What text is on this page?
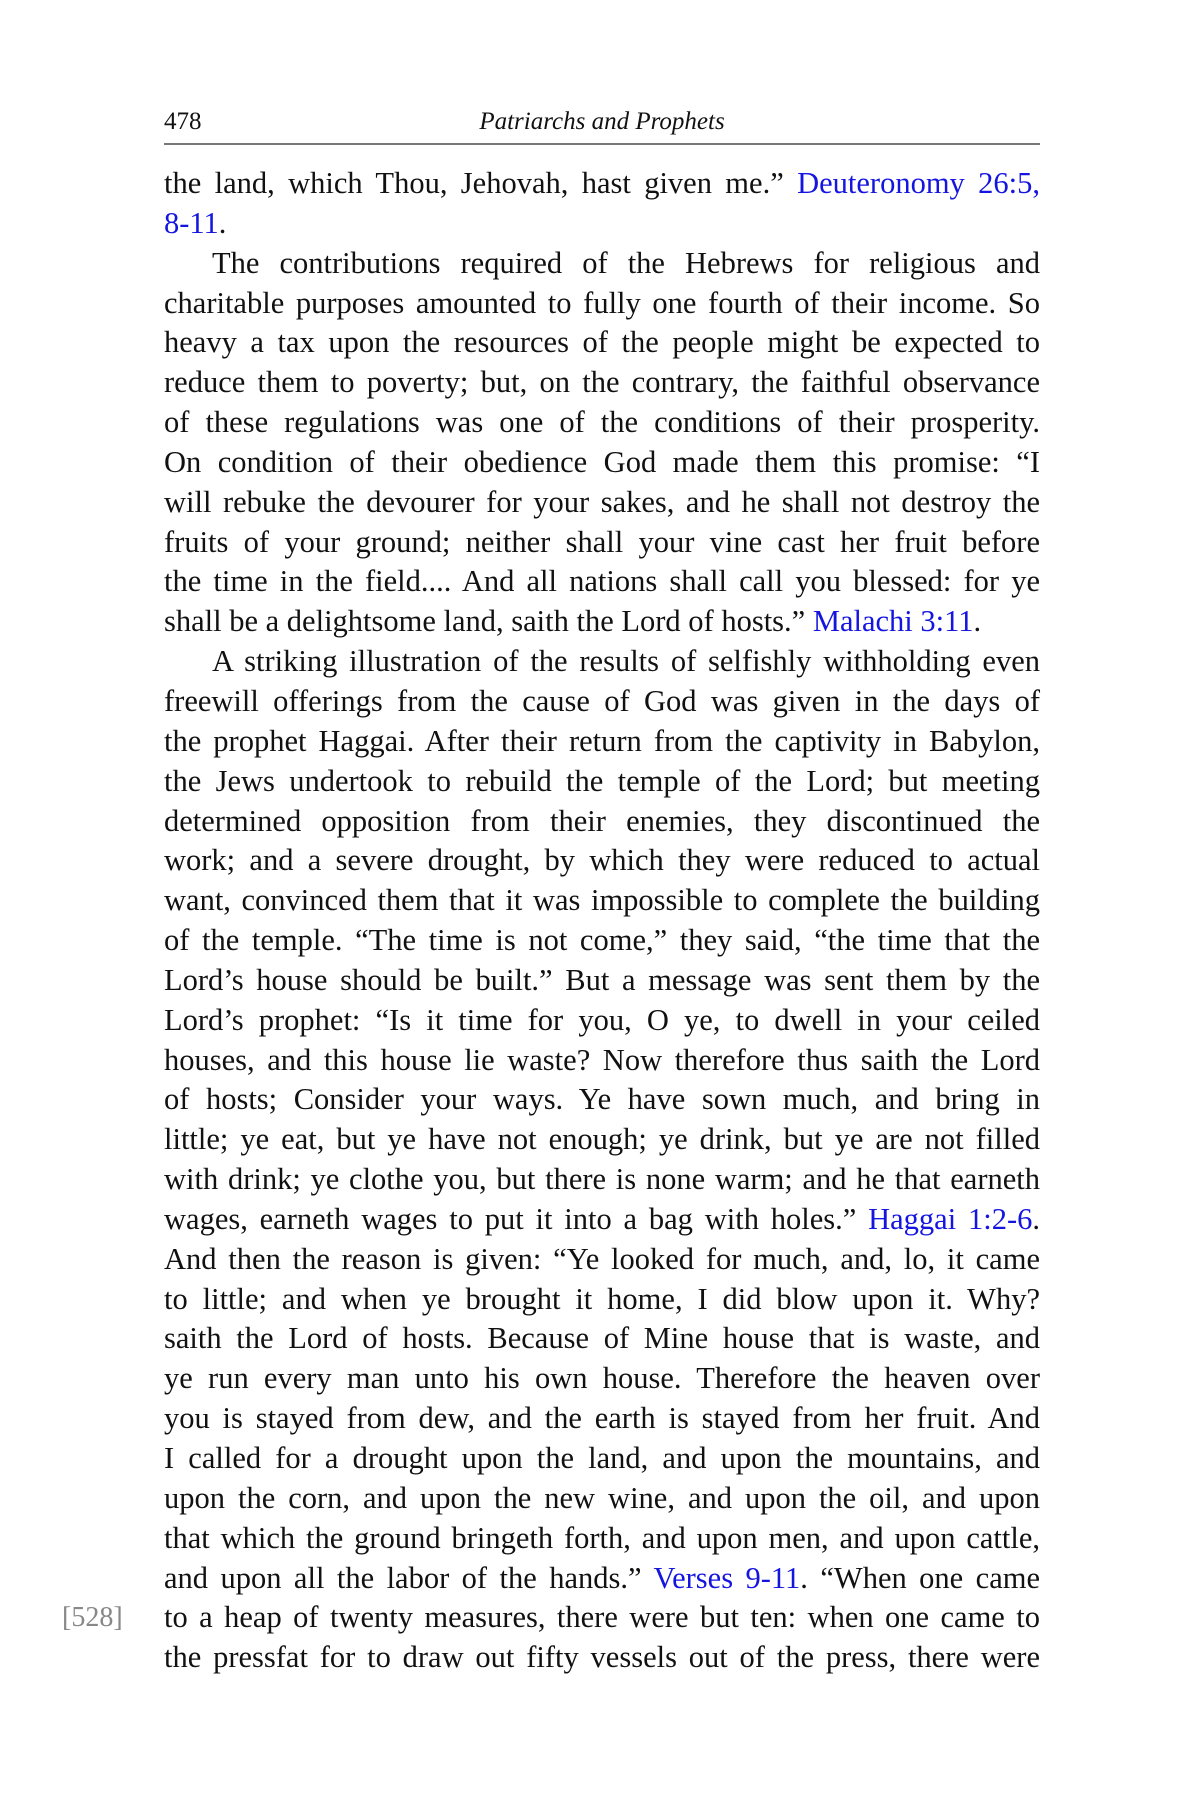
478	Patriarchs and Prophets
the land, which Thou, Jehovah, hast given me.” Deuteronomy 26:5,
8-11.
The contributions required of the Hebrews for religious and
charitable purposes amounted to fully one fourth of their income. So
heavy a tax upon the resources of the people might be expected to
reduce them to poverty; but, on the contrary, the faithful observance
of these regulations was one of the conditions of their prosperity.
On condition of their obedience God made them this promise: “I
will rebuke the devourer for your sakes, and he shall not destroy the
fruits of your ground; neither shall your vine cast her fruit before
the time in the field.... And all nations shall call you blessed: for ye
shall be a delightsome land, saith the Lord of hosts.” Malachi 3:11.
A striking illustration of the results of selfishly withholding even
freewill offerings from the cause of God was given in the days of
the prophet Haggai. After their return from the captivity in Babylon,
the Jews undertook to rebuild the temple of the Lord; but meeting
determined opposition from their enemies, they discontinued the
work; and a severe drought, by which they were reduced to actual
want, convinced them that it was impossible to complete the building
of the temple. “The time is not come,” they said, “the time that the
Lord’s house should be built.” But a message was sent them by the
Lord’s prophet: “Is it time for you, O ye, to dwell in your ceiled
houses, and this house lie waste? Now therefore thus saith the Lord
of hosts; Consider your ways. Ye have sown much, and bring in
little; ye eat, but ye have not enough; ye drink, but ye are not filled
with drink; ye clothe you, but there is none warm; and he that earneth
wages, earneth wages to put it into a bag with holes.” Haggai 1:2-6.
And then the reason is given: “Ye looked for much, and, lo, it came
to little; and when ye brought it home, I did blow upon it. Why?
saith the Lord of hosts. Because of Mine house that is waste, and
ye run every man unto his own house. Therefore the heaven over
you is stayed from dew, and the earth is stayed from her fruit. And
I called for a drought upon the land, and upon the mountains, and
upon the corn, and upon the new wine, and upon the oil, and upon
that which the ground bringeth forth, and upon men, and upon cattle,
and upon all the labor of the hands.” Verses 9-11. “When one came
to a heap of twenty measures, there were but ten: when one came to
the pressfat for to draw out fifty vessels out of the press, there were
[528]
